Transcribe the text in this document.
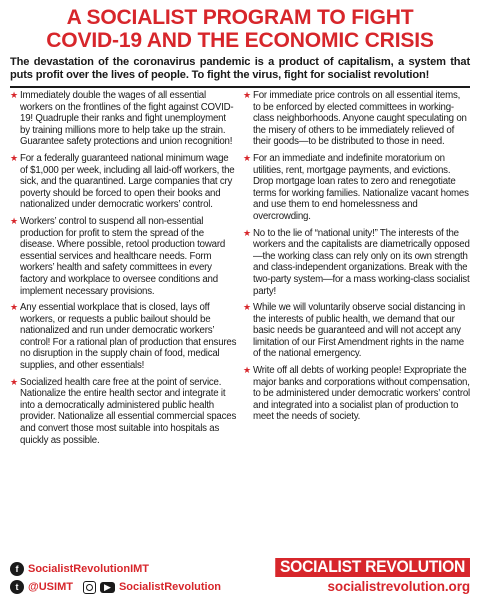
A SOCIALIST PROGRAM TO FIGHT
COVID-19 AND THE ECONOMIC CRISIS

The devastation of the coronavirus pandemic is a product of capitalism, a system that puts profit over the lives of people. To fight the virus, fight for socialist revolution!

★ Immediately double the wages of all essential workers on the frontlines of the fight against COVID-19! Quadruple their ranks and fight unemployment by training millions more to help take up the strain. Guarantee safety protections and union recognition!
★ For a federally guaranteed national minimum wage of $1,000 per week, including all laid-off workers, the sick, and the quarantined. Large companies that cry poverty should be forced to open their books and nationalized under democratic workers’ control.
★ Workers’ control to suspend all non-essential production for profit to stem the spread of the disease. Where possible, retool production toward essential services and healthcare needs. Form workers’ health and safety committees in every factory and workplace to oversee conditions and implement necessary provisions.
★ Any essential workplace that is closed, lays off workers, or requests a public bailout should be nationalized and run under democratic workers’ control! For a rational plan of production that ensures no disruption in the supply chain of food, medical supplies, and other essentials!
★ Socialized health care free at the point of service. Nationalize the entire health sector and integrate it into a democratically administered public health provider. Nationalize all essential commercial spaces and convert those most suitable into hospitals as quickly as possible.
★ For immediate price controls on all essential items, to be enforced by elected committees in working-class neighborhoods. Anyone caught speculating on the misery of others to be immediately relieved of their goods—to be distributed to those in need.
★ For an immediate and indefinite moratorium on utilities, rent, mortgage payments, and evictions. Drop mortgage loan rates to zero and renegotiate terms for working families. Nationalize vacant homes and use them to end homelessness and overcrowding.
★ No to the lie of “national unity!” The interests of the workers and the capitalists are diametrically opposed—the working class can rely only on its own strength and class-independent organizations. Break with the two-party system—for a mass working-class socialist party!
★ While we will voluntarily observe social distancing in the interests of public health, we demand that our basic needs be guaranteed and will not accept any limitation of our First Amendment rights in the name of the national emergency.
★ Write off all debts of working people! Expropriate the major banks and corporations without compensation, to be administered under democratic workers’ control and integrated into a socialist plan of production to meet the needs of society.
f SocialistRevolutionIMT
t @USIMT	▶ SocialistRevolution
SOCIALIST REVOLUTION
socialistrevolution.org
